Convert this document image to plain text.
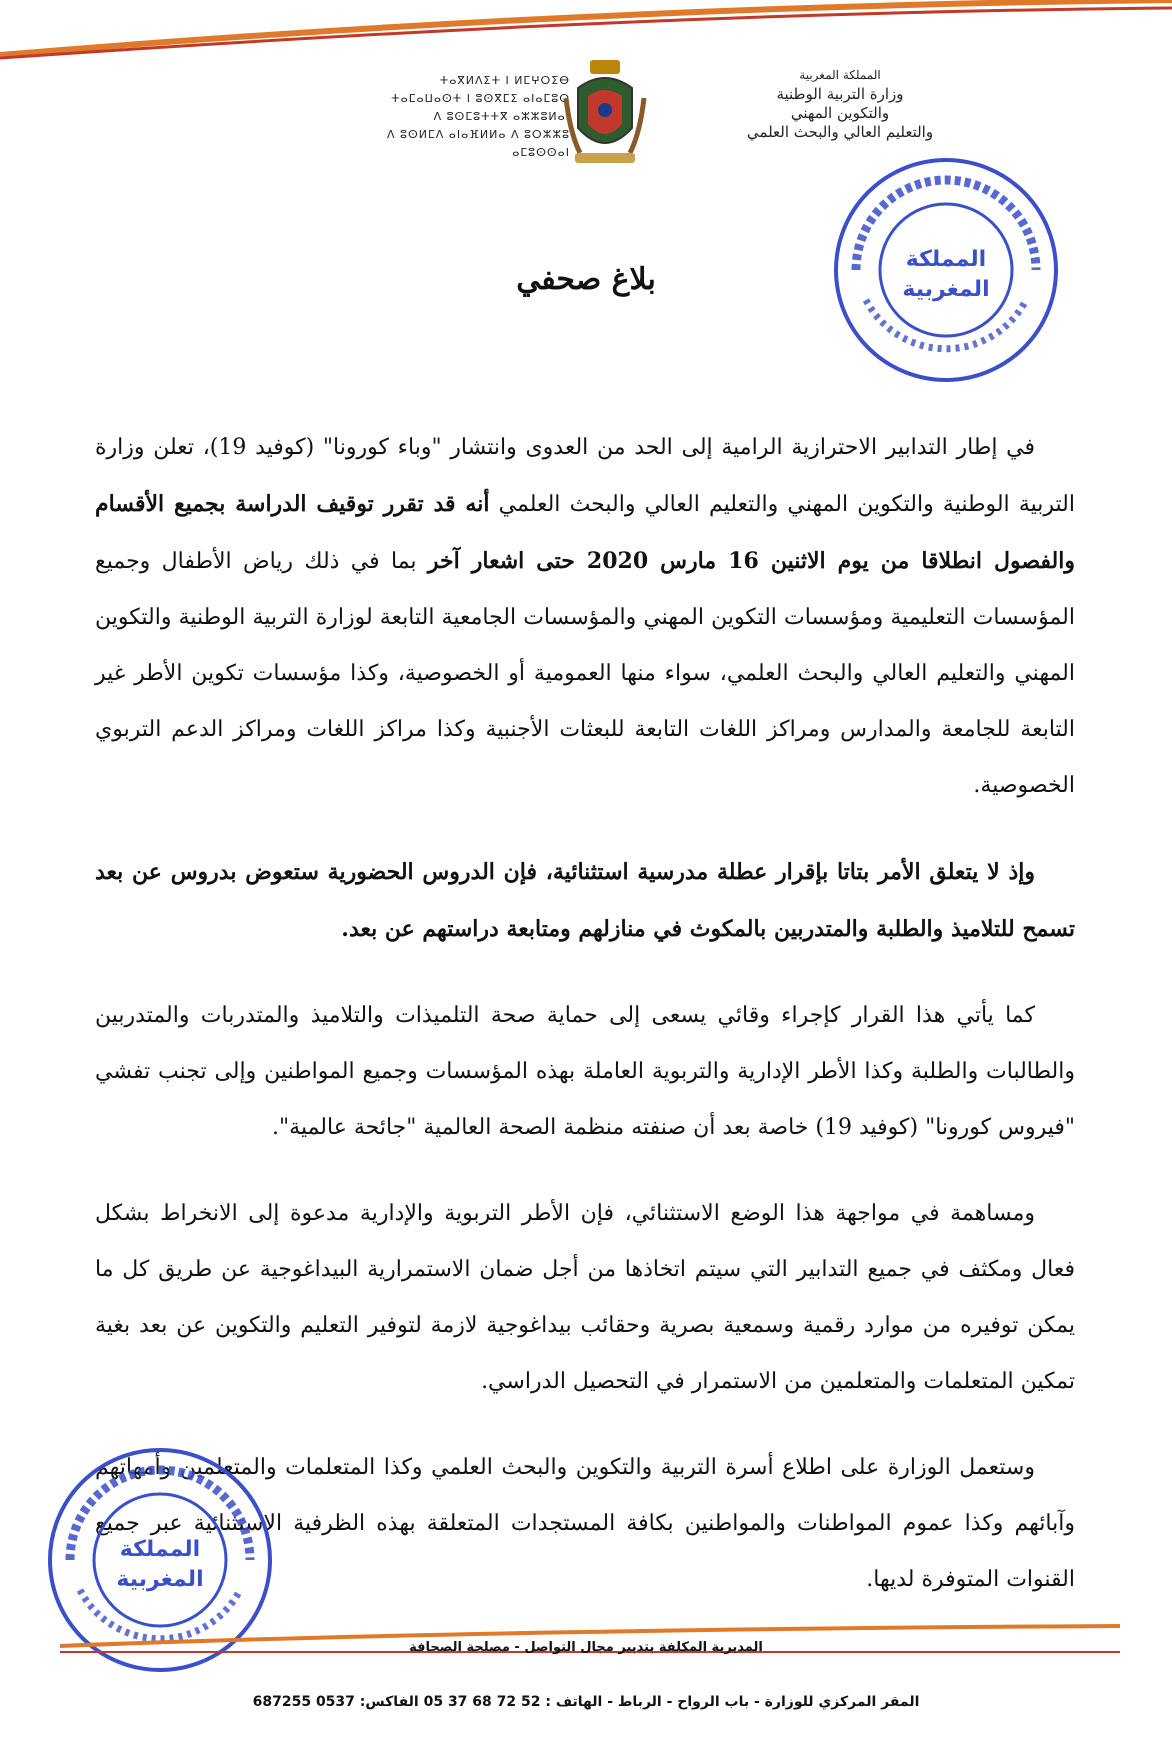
ⵜⴰⴳⵍⴷⵉⵜ ⵏ ⵍⵎⵖⵔⵉⴱ
ⵜⴰⵎⴰⵡⴰⵙⵜ ⵏ ⵓⵙⴳⵎⵉ ⴰⵏⴰⵎⵓⵔ
ⴷ ⵓⵙⵎⵓⵜⵜⴳ ⴰⵣⵣⵓⵍⴰⵏ
ⴷ ⵓⵙⵍⵎⴷ ⴰⵏⴰⴼⵍⵍⴰ ⴷ ⵓⵔⵣⵣⵓ ⴰⵎⵓⵙⵙⴰⵏ
المملكة المغربية
وزارة التربية الوطنية
والتكوين المهني
والتعليم العالي والبحث العلمي
المملكة
المغربية
بلاغ صحفي

في إطار التدابير الاحترازية الرامية إلى الحد من العدوى وانتشار "وباء كورونا" (كوفيد 19)، تعلن وزارة التربية الوطنية والتكوين المهني والتعليم العالي والبحث العلمي أنه قد تقرر توقيف الدراسة بجميع الأقسام والفصول انطلاقا من يوم الاثنين 16 مارس 2020 حتى اشعار آخر بما في ذلك رياض الأطفال وجميع المؤسسات التعليمية ومؤسسات التكوين المهني والمؤسسات الجامعية التابعة لوزارة التربية الوطنية والتكوين المهني والتعليم العالي والبحث العلمي، سواء منها العمومية أو الخصوصية، وكذا مؤسسات تكوين الأطر غير التابعة للجامعة والمدارس ومراكز اللغات التابعة للبعثات الأجنبية وكذا مراكز اللغات ومراكز الدعم التربوي الخصوصية.

وإذ لا يتعلق الأمر بتاتا بإقرار عطلة مدرسية استثنائية، فإن الدروس الحضورية ستعوض بدروس عن بعد تسمح للتلاميذ والطلبة والمتدربين بالمكوث في منازلهم ومتابعة دراستهم عن بعد.

كما يأتي هذا القرار كإجراء وقائي يسعى إلى حماية صحة التلميذات والتلاميذ والمتدربات والمتدربين والطالبات والطلبة وكذا الأطر الإدارية والتربوية العاملة بهذه المؤسسات وجميع المواطنين وإلى تجنب تفشي "فيروس كورونا" (كوفيد 19) خاصة بعد أن صنفته منظمة الصحة العالمية "جائحة عالمية".

ومساهمة في مواجهة هذا الوضع الاستثنائي، فإن الأطر التربوية والإدارية مدعوة إلى الانخراط بشكل فعال ومكثف في جميع التدابير التي سيتم اتخاذها من أجل ضمان الاستمرارية البيداغوجية عن طريق كل ما يمكن توفيره من موارد رقمية وسمعية بصرية وحقائب بيداغوجية لازمة لتوفير التعليم والتكوين عن بعد بغية تمكين المتعلمات والمتعلمين من الاستمرار في التحصيل الدراسي.

وستعمل الوزارة على اطلاع أسرة التربية والتكوين والبحث العلمي وكذا المتعلمات والمتعلمين وأمهاتهم وآبائهم وكذا عموم المواطنات والمواطنين بكافة المستجدات المتعلقة بهذه الظرفية الاستثنائية عبر جميع القنوات المتوفرة لديها.

المملكة
المغربية
المديرية المكلفة بتدبير مجال التواصل - مصلحة الصحافة
المقر المركزي للوزارة - باب الرواح - الرباط - الهاتف : 52 72 68 37 05 الفاكس: 0537 687255
